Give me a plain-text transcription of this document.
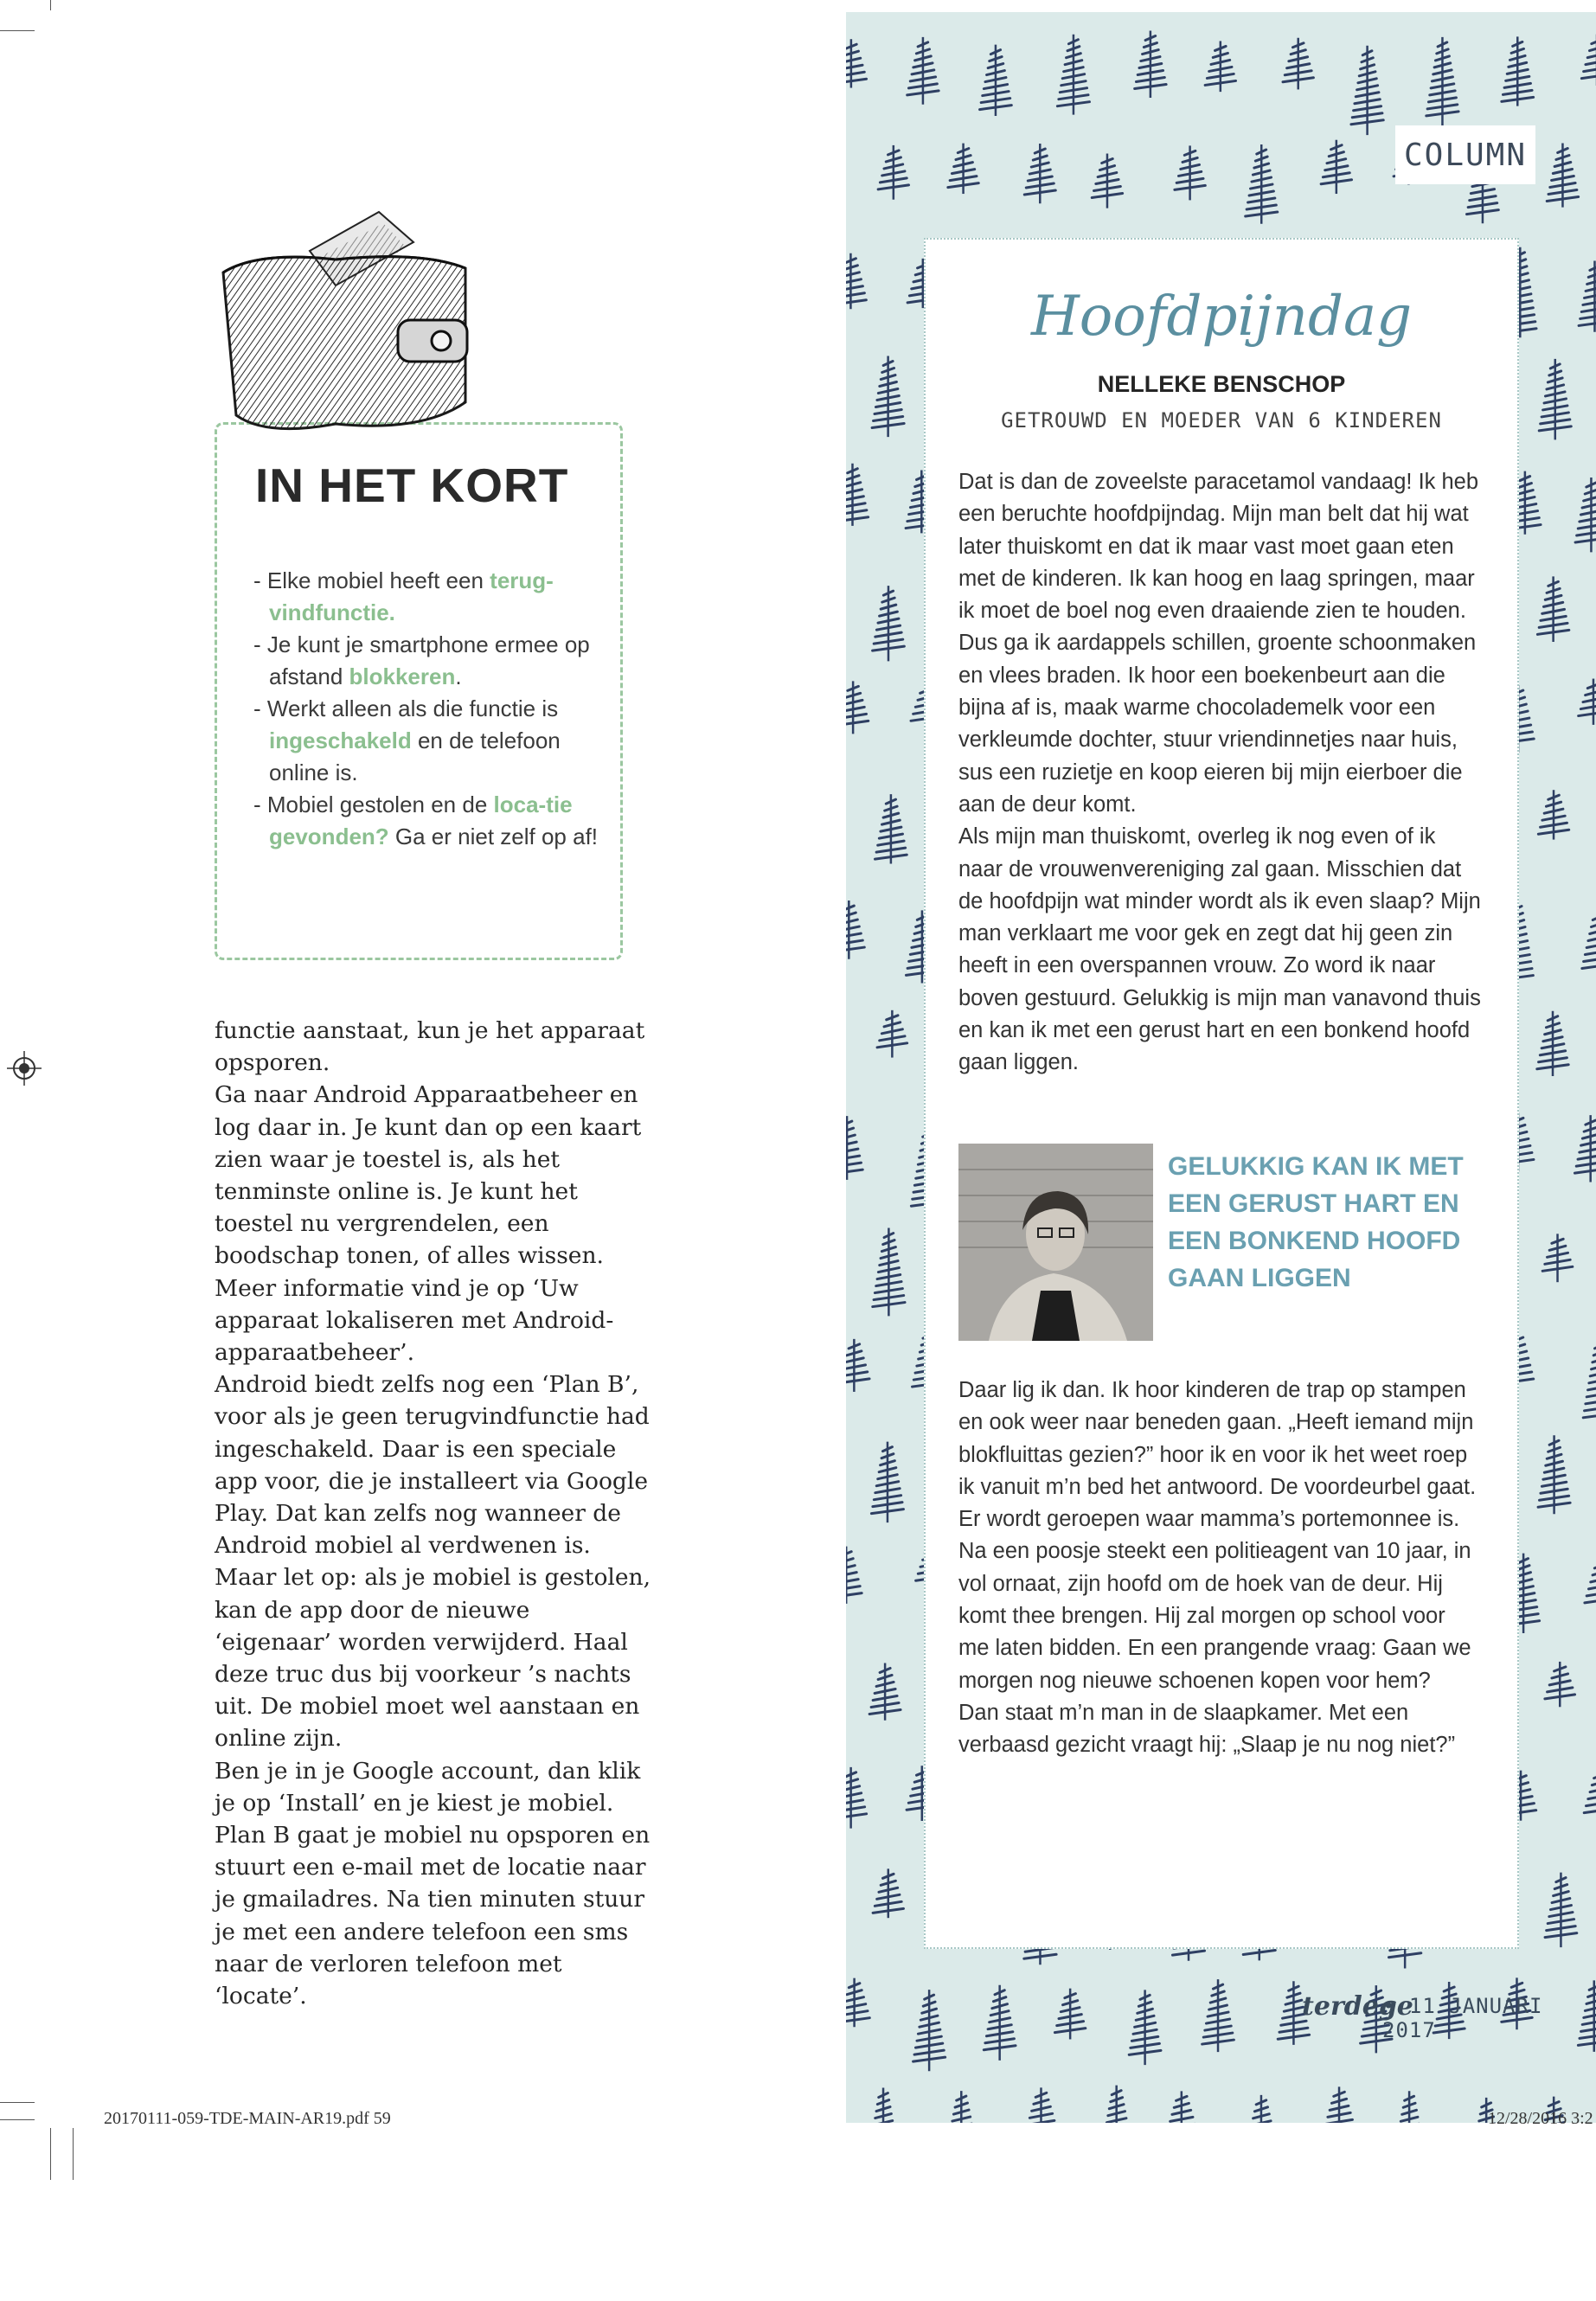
IN HET KORT
- Elke mobiel heeft een terug-vindfunctie.
- Je kunt je smartphone ermee op afstand blokkeren.
- Werkt alleen als die functie is ingeschakeld en de telefoon online is.
- Mobiel gestolen en de loca-tie gevonden? Ga er niet zelf op af!

functie aanstaat, kun je het apparaat opsporen.

Ga naar Android Apparaatbeheer en log daar in. Je kunt dan op een kaart zien waar je toestel is, als het tenminste online is. Je kunt het toestel nu vergrendelen, een boodschap tonen, of alles wissen. Meer informatie vind je op ‘Uw apparaat lokaliseren met Android-apparaatbeheer’.

Android biedt zelfs nog een ‘Plan B’, voor als je geen terugvindfunctie had ingeschakeld. Daar is een speciale app voor, die je installeert via Google Play. Dat kan zelfs nog wanneer de Android mobiel al verdwenen is.

Maar let op: als je mobiel is gestolen, kan de app door de nieuwe ‘eigenaar’ worden verwijderd. Haal deze truc dus bij voorkeur ’s nachts uit. De mobiel moet wel aanstaan en online zijn.

Ben je in je Google account, dan klik je op ‘Install’ en je kiest je mobiel. Plan B gaat je mobiel nu opsporen en stuurt een e-mail met de locatie naar je gmailadres. Na tien minuten stuur je met een andere telefoon een sms naar de verloren telefoon met ‘locate’.

COLUMN
Hoofdpijndag
NELLEKE BENSCHOP
GETROUWD EN MOEDER VAN 6 KINDEREN

Dat is dan de zoveelste paracetamol vandaag! Ik heb een beruchte hoofdpijndag. Mijn man belt dat hij wat later thuiskomt en dat ik maar vast moet gaan eten met de kinderen. Ik kan hoog en laag springen, maar ik moet de boel nog even draaiende zien te houden.

Dus ga ik aardappels schillen, groente schoonmaken en vlees braden. Ik hoor een boekenbeurt aan die bijna af is, maak warme chocolademelk voor een verkleumde dochter, stuur vriendinnetjes naar huis, sus een ruzietje en koop eieren bij mijn eierboer die aan de deur komt.

Als mijn man thuiskomt, overleg ik nog even of ik naar de vrouwenvereniging zal gaan. Misschien dat de hoofdpijn wat minder wordt als ik even slaap? Mijn man verklaart me voor gek en zegt dat hij geen zin heeft in een overspannen vrouw. Zo word ik naar boven gestuurd. Gelukkig is mijn man vanavond thuis en kan ik met een gerust hart en een bonkend hoofd gaan liggen.

GELUKKIG KAN IK MET EEN GERUST HART EN EEN BONKEND HOOFD GAAN LIGGEN

Daar lig ik dan. Ik hoor kinderen de trap op stampen en ook weer naar beneden gaan. „Heeft iemand mijn blokfluittas gezien?” hoor ik en voor ik het weet roep ik vanuit m’n bed het antwoord. De voordeurbel gaat. Er wordt geroepen waar mamma’s portemonnee is.

Na een poosje steekt een politieagent van 10 jaar, in vol ornaat, zijn hoofd om de hoek van de deur. Hij komt thee brengen. Hij zal morgen op school voor me laten bidden. En een prangende vraag: Gaan we morgen nog nieuwe schoenen kopen voor hem?

Dan staat m’n man in de slaapkamer. Met een verbaasd gezicht vraagt hij: „Slaap je nu nog niet?”

terdege
• 11 JANUARI 2017
20170111-059-TDE-MAIN-AR19.pdf 59	12/28/2016 3:2
